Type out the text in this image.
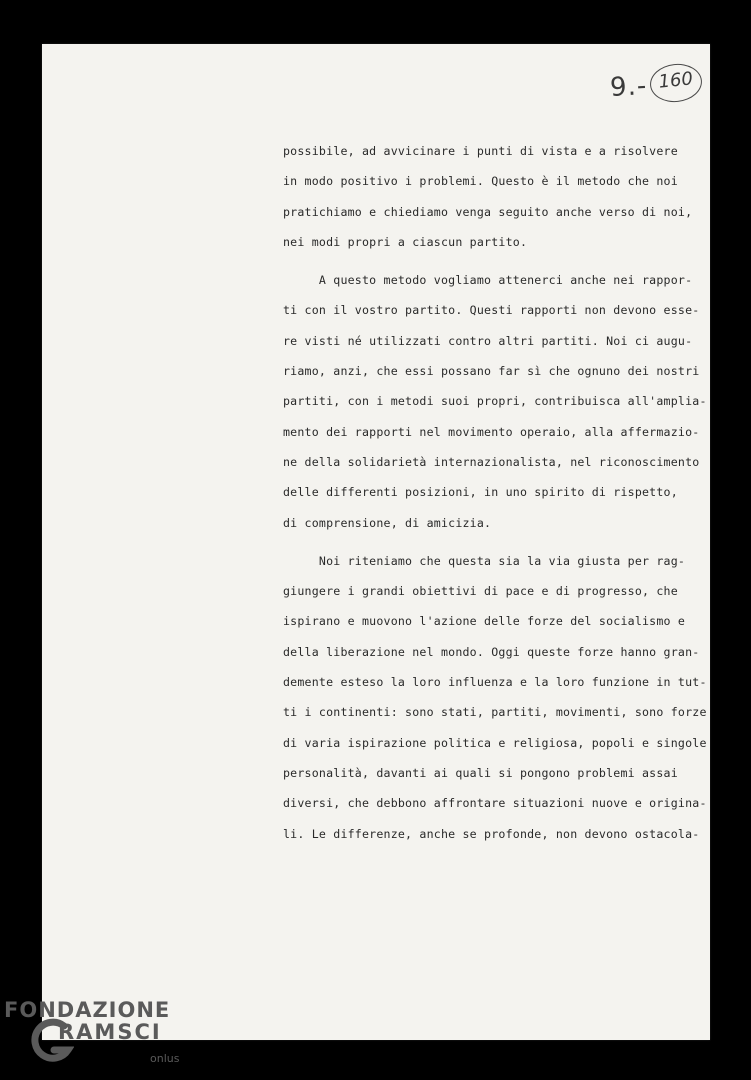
9.- 160
possibile, ad avvicinare i punti di vista e a risolvere
in modo positivo i problemi. Questo è il metodo che noi
pratichiamo e chiediamo venga seguito anche verso di noi,
nei modi propri a ciascun partito.
A questo metodo vogliamo attenerci anche nei rappor-
ti con il vostro partito. Questi rapporti non devono esse-
re visti né utilizzati contro altri partiti. Noi ci augu-
riamo, anzi, che essi possano far sì che ognuno dei nostri
partiti, con i metodi suoi propri, contribuisca all'amplia-
mento dei rapporti nel movimento operaio, alla affermazio-
ne della solidarietà internazionalista, nel riconoscimento
delle differenti posizioni, in uno spirito di rispetto,
di comprensione, di amicizia.
Noi riteniamo che questa sia la via giusta per rag-
giungere i grandi obiettivi di pace e di progresso, che
ispirano e muovono l'azione delle forze del socialismo e
della liberazione nel mondo. Oggi queste forze hanno gran-
demente esteso la loro influenza e la loro funzione in tut-
ti i continenti: sono stati, partiti, movimenti, sono forze
di varia ispirazione politica e religiosa, popoli e singole
personalità, davanti ai quali si pongono problemi assai
diversi, che debbono affrontare situazioni nuove e origina-
li. Le differenze, anche se profonde, non devono ostacola-
FONDAZIONE
RAMSCI
onlus
